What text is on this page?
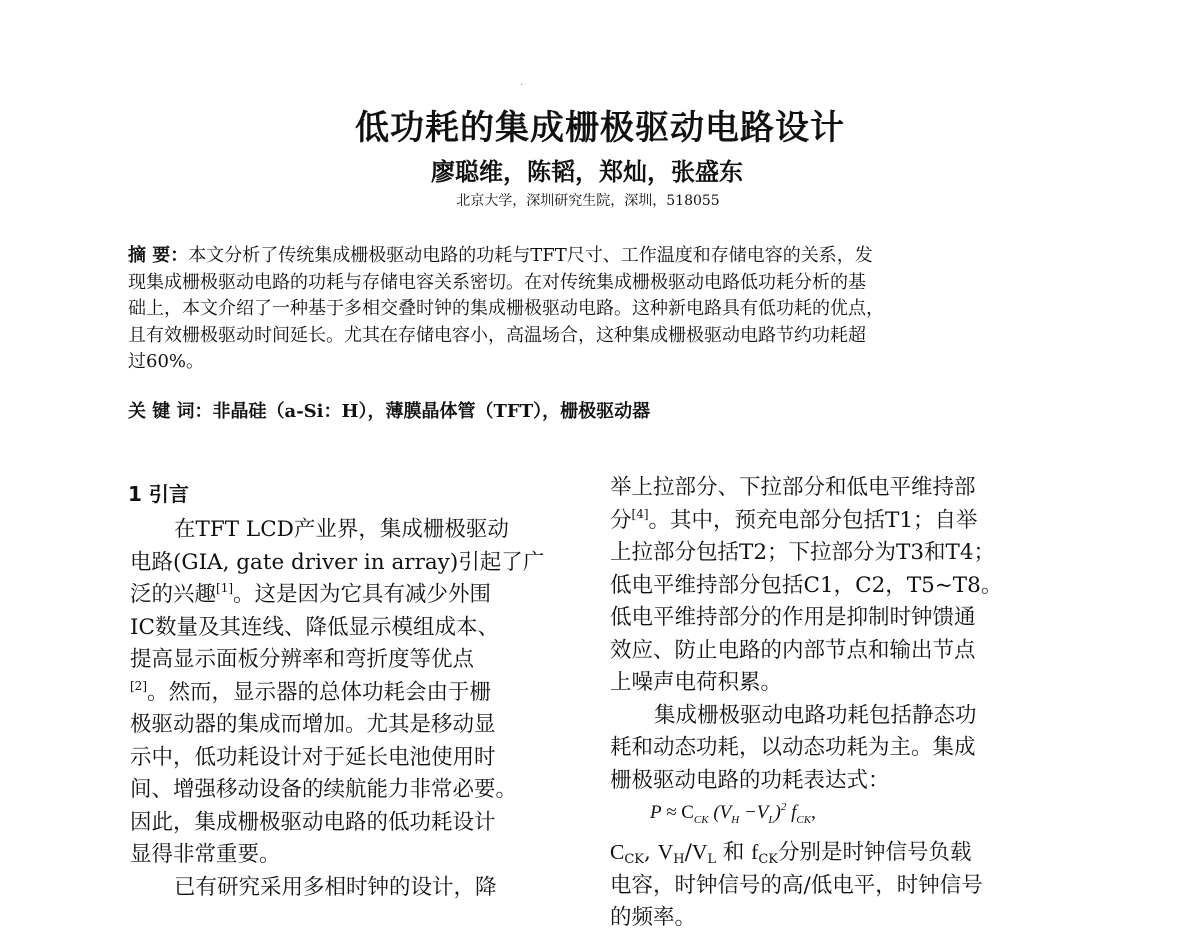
低功耗的集成栅极驱动电路设计
廖聪维，陈韬，郑灿，张盛东
北京大学，深圳研究生院，深圳，518055
摘 要：本文分析了传统集成栅极驱动电路的功耗与TFT尺寸、工作温度和存储电容的关系，发
现集成栅极驱动电路的功耗与存储电容关系密切。在对传统集成栅极驱动电路低功耗分析的基
础上，本文介绍了一种基于多相交叠时钟的集成栅极驱动电路。这种新电路具有低功耗的优点，
且有效栅极驱动时间延长。尤其在存储电容小，高温场合，这种集成栅极驱动电路节约功耗超
过60%。
关 键 词：非晶硅（a-Si：H），薄膜晶体管（TFT），栅极驱动器
1 引言
在TFT LCD产业界，集成栅极驱动
电路(GIA, gate driver in array)引起了广
泛的兴趣[1]。这是因为它具有减少外围
IC数量及其连线、降低显示模组成本、
提高显示面板分辨率和弯折度等优点
[2]。然而，显示器的总体功耗会由于栅
极驱动器的集成而增加。尤其是移动显
示中，低功耗设计对于延长电池使用时
间、增强移动设备的续航能力非常必要。
因此，集成栅极驱动电路的低功耗设计
显得非常重要。
已有研究采用多相时钟的设计，降
举上拉部分、下拉部分和低电平维持部
分[4]。其中，预充电部分包括T1；自举
上拉部分包括T2；下拉部分为T3和T4；
低电平维持部分包括C1，C2，T5~T8。
低电平维持部分的作用是抑制时钟馈通
效应、防止电路的内部节点和输出节点
上噪声电荷积累。
集成栅极驱动电路功耗包括静态功
耗和动态功耗，以动态功耗为主。集成
栅极驱动电路的功耗表达式：
$P \approx C_{CK}$ $(V_H -V_L)^2$ $f_{CK}$,
CCK, VH/VL 和 fCK分别是时钟信号负载
电容，时钟信号的高/低电平，时钟信号
的频率。
